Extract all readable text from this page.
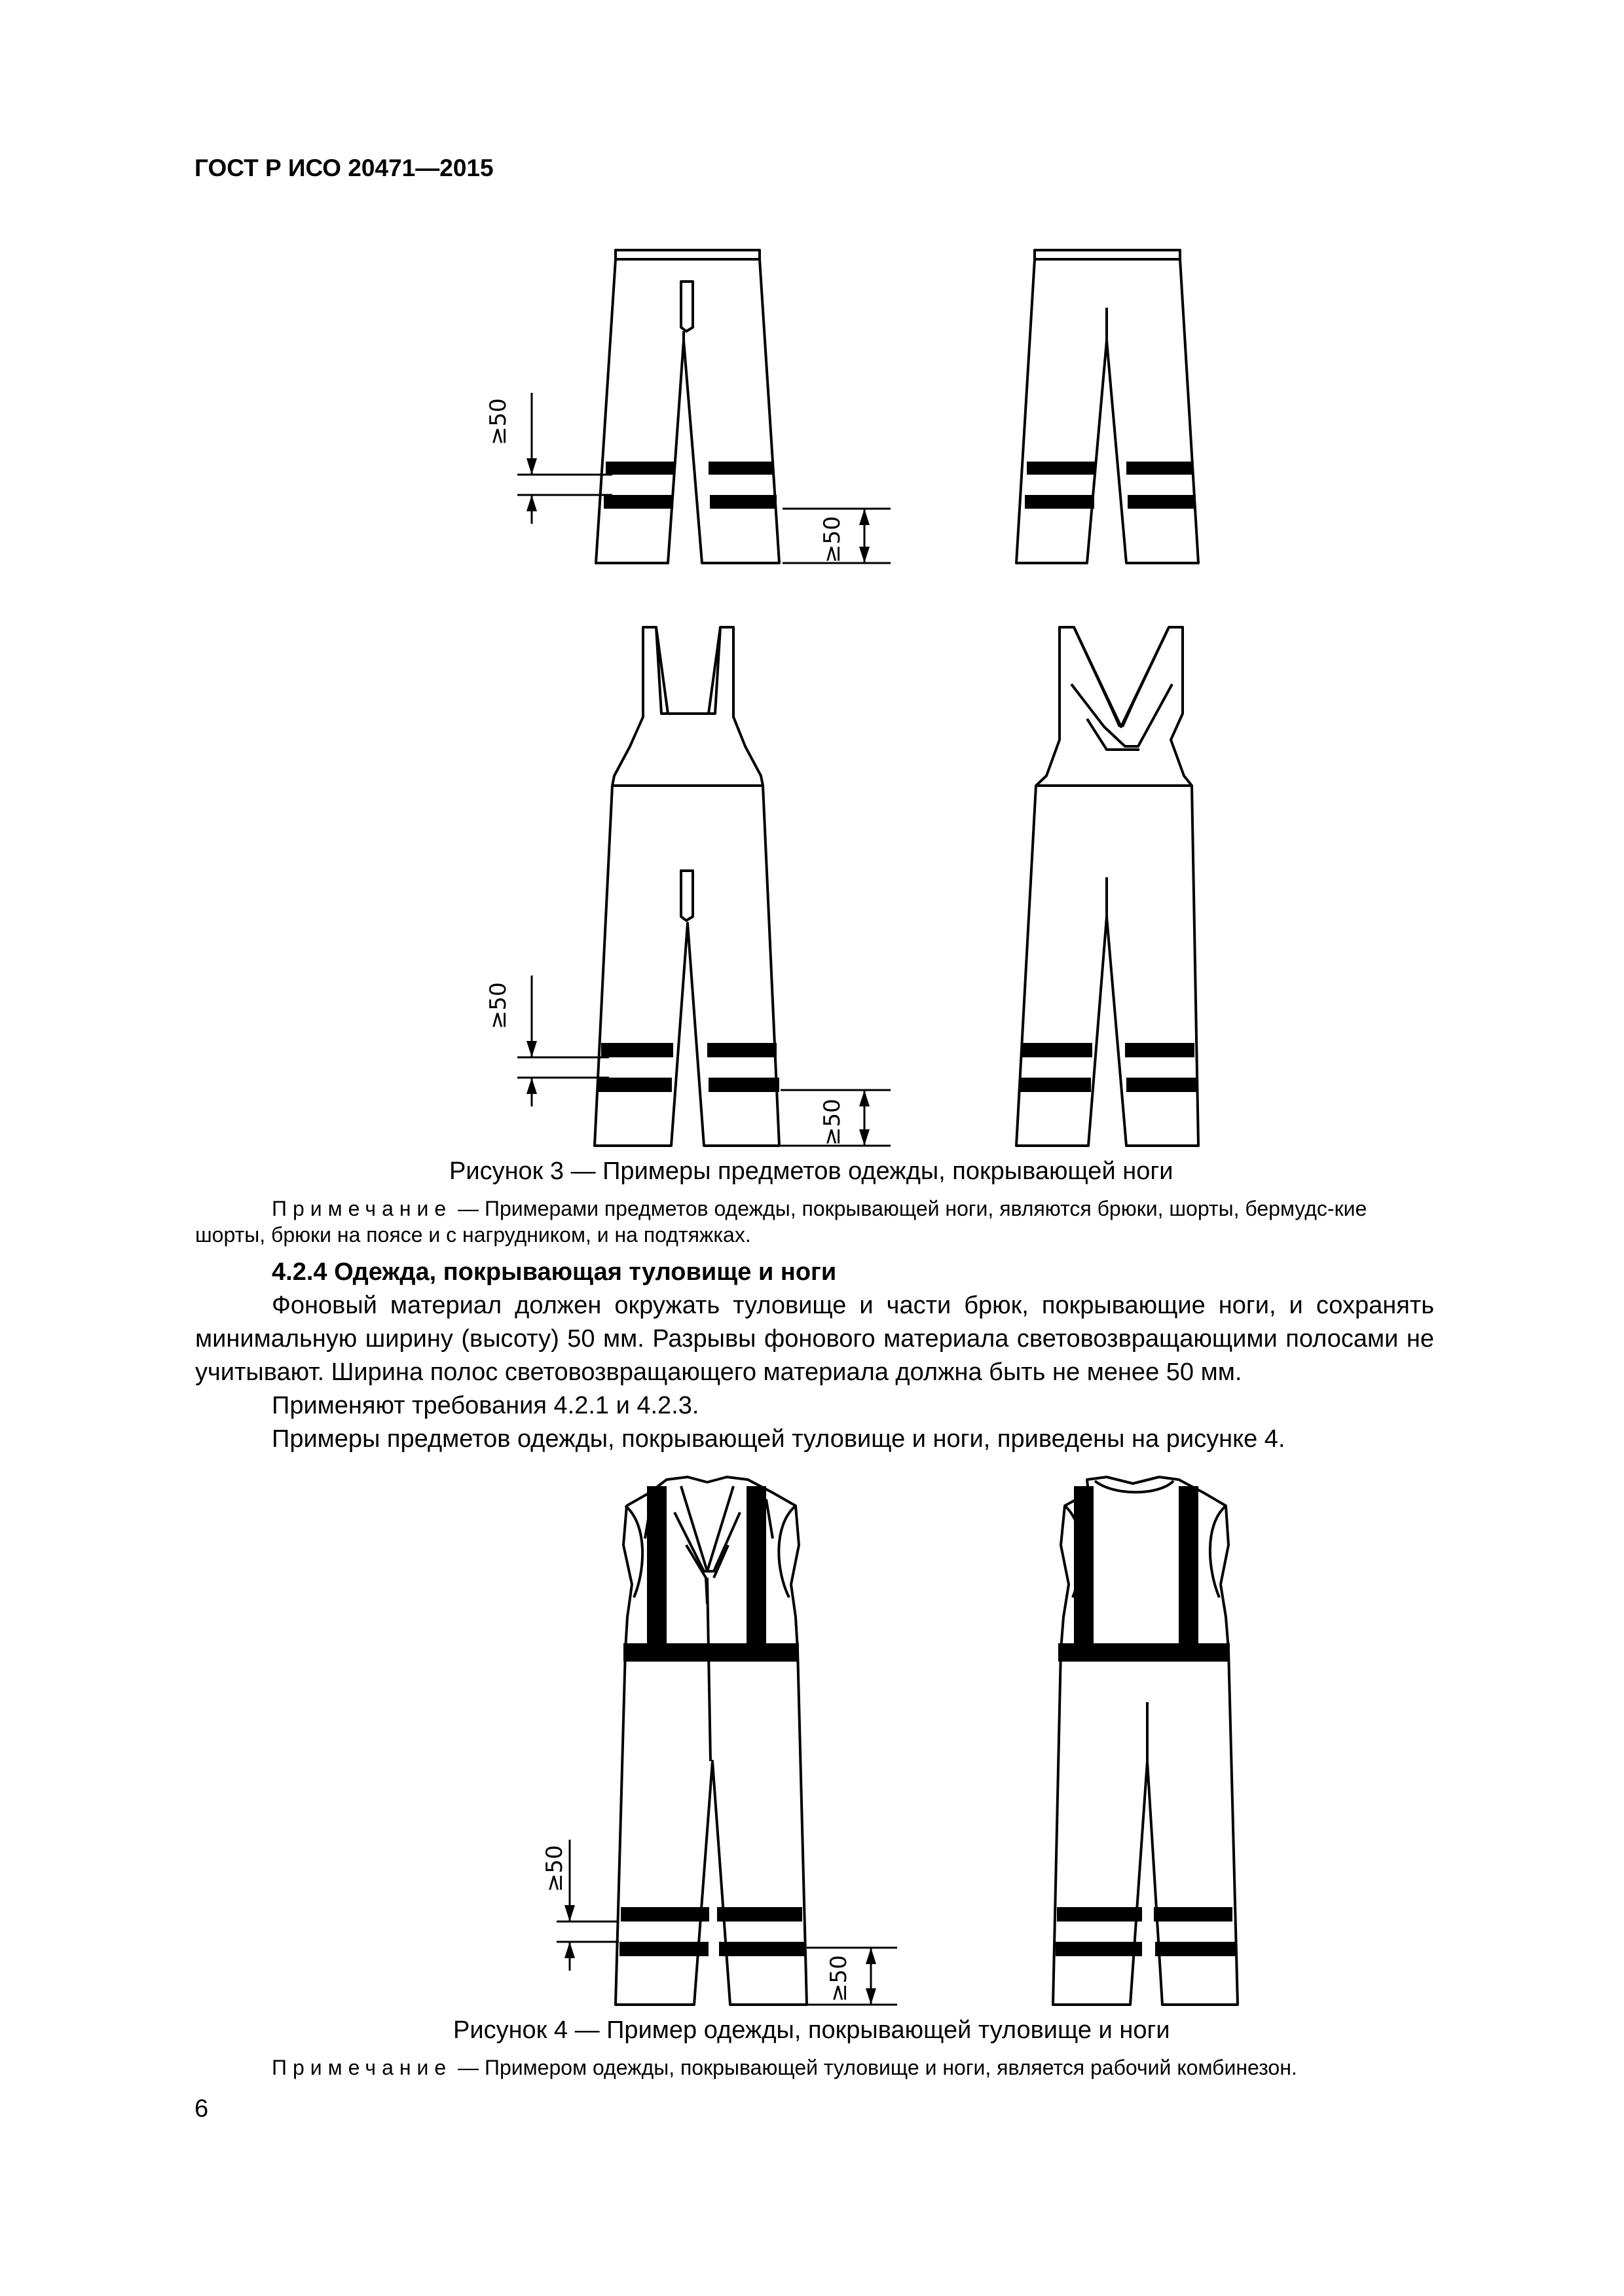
ГОСТ Р ИСО 20471—2015
≥50
≥50
≥50
≥50
Рисунок 3 — Примеры предметов одежды, покрывающей ноги
Примечание — Примерами предметов одежды, покрывающей ноги, являются брюки, шорты, бермудс-кие шорты, брюки на поясе и с нагрудником, и на подтяжках.
4.2.4 Одежда, покрывающая туловище и ноги

Фоновый материал должен окружать туловище и части брюк, покрывающие ноги, и сохранять минимальную ширину (высоту) 50 мм. Разрывы фонового материала световозвращающими полосами не учитывают. Ширина полос световозвращающего материала должна быть не менее 50 мм.

Применяют требования 4.2.1 и 4.2.3.

Примеры предметов одежды, покрывающей туловище и ноги, приведены на рисунке 4.

≥50
≥50
Рисунок 4 — Пример одежды, покрывающей туловище и ноги
Примечание — Примером одежды, покрывающей туловище и ноги, является рабочий комбинезон.
6
